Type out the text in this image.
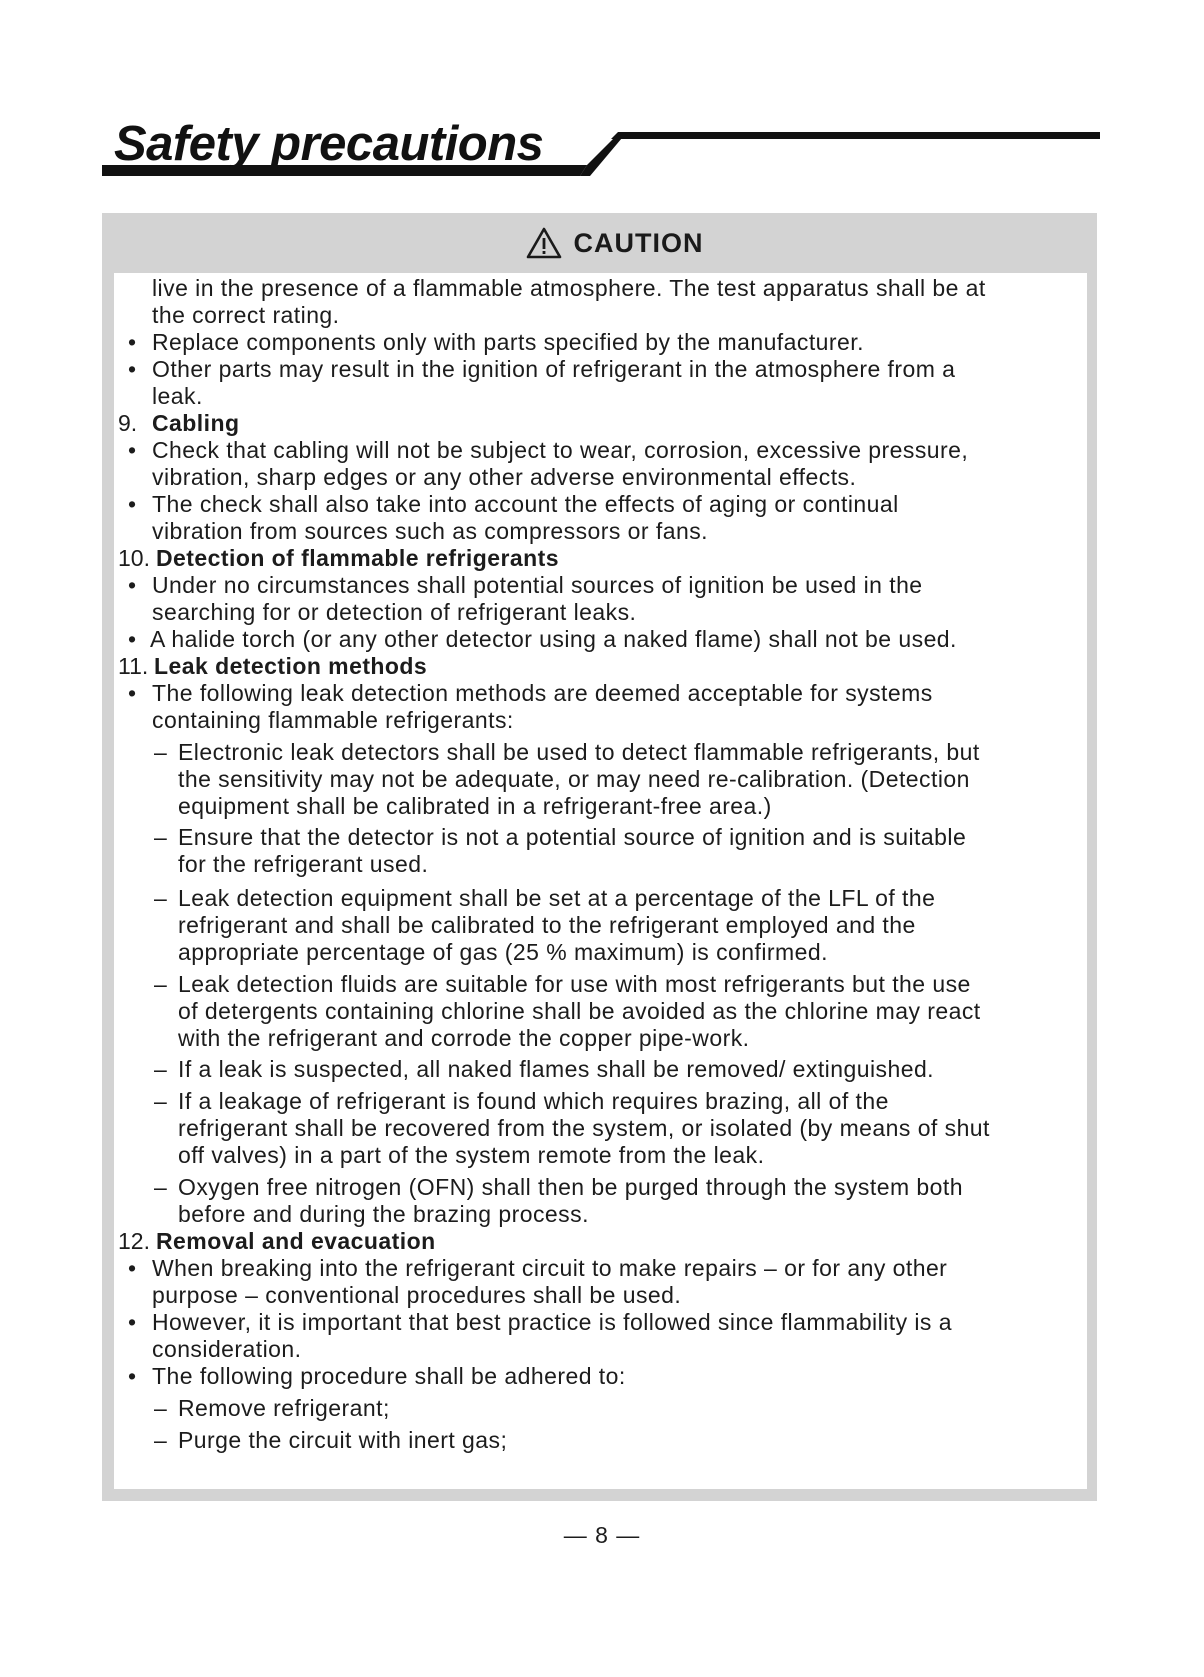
Safety precautions
CAUTION
live in the presence of a flammable atmosphere. The test apparatus shall be at
the correct rating.
• Replace components only with parts specified by the manufacturer.
• Other parts may result in the ignition of refrigerant in the atmosphere from a
leak.
9. Cabling
• Check that cabling will not be subject to wear, corrosion, excessive pressure,
vibration, sharp edges or any other adverse environmental effects.
• The check shall also take into account the effects of aging or continual
vibration from sources such as compressors or fans.
10. Detection of flammable refrigerants
• Under no circumstances shall potential sources of ignition be used in the
searching for or detection of refrigerant leaks.
• A halide torch (or any other detector using a naked flame) shall not be used.
11. Leak detection methods
• The following leak detection methods are deemed acceptable for systems
containing flammable refrigerants:
– Electronic leak detectors shall be used to detect flammable refrigerants, but
the sensitivity may not be adequate, or may need re-calibration. (Detection
equipment shall be calibrated in a refrigerant-free area.)
– Ensure that the detector is not a potential source of ignition and is suitable
for the refrigerant used.
– Leak detection equipment shall be set at a percentage of the LFL of the
refrigerant and shall be calibrated to the refrigerant employed and the
appropriate percentage of gas (25 % maximum) is confirmed.
– Leak detection fluids are suitable for use with most refrigerants but the use
of detergents containing chlorine shall be avoided as the chlorine may react
with the refrigerant and corrode the copper pipe-work.
– If a leak is suspected, all naked flames shall be removed/ extinguished.
– If a leakage of refrigerant is found which requires brazing, all of the
refrigerant shall be recovered from the system, or isolated (by means of shut
off valves) in a part of the system remote from the leak.
– Oxygen free nitrogen (OFN) shall then be purged through the system both
before and during the brazing process.
12. Removal and evacuation
• When breaking into the refrigerant circuit to make repairs – or for any other
purpose – conventional procedures shall be used.
• However, it is important that best practice is followed since flammability is a
consideration.
• The following procedure shall be adhered to:
– Remove refrigerant;
– Purge the circuit with inert gas;
— 8 —
